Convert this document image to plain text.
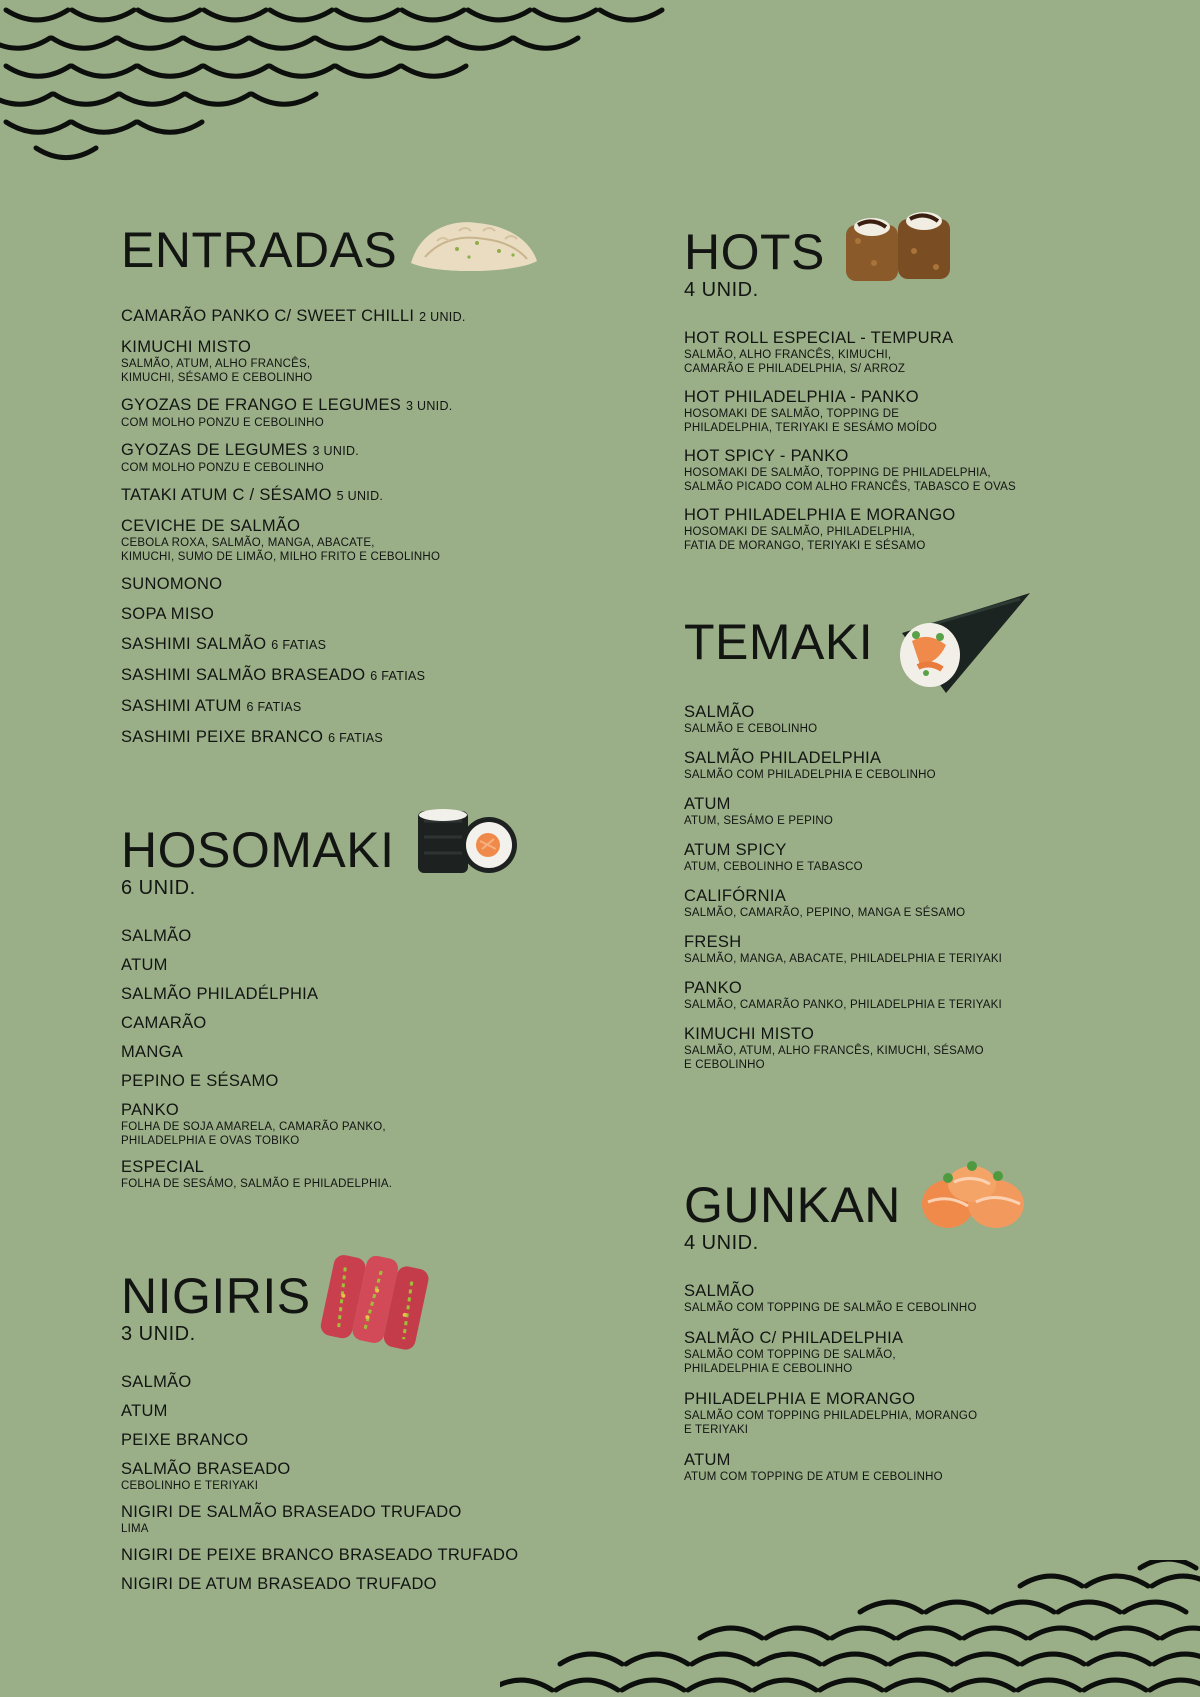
ENTRADAS
CAMARÃO PANKO C/ SWEET CHILLI 2 UNID.
KIMUCHI MISTO
SALMÃO, ATUM, ALHO FRANCÊS,
KIMUCHI, SÉSAMO E CEBOLINHO
GYOZAS DE FRANGO E LEGUMES 3 UNID.
COM MOLHO PONZU E CEBOLINHO
GYOZAS DE LEGUMES 3 UNID.
COM MOLHO PONZU E CEBOLINHO
TATAKI ATUM C / SÉSAMO 5 UNID.
CEVICHE DE SALMÃO
CEBOLA ROXA, SALMÃO, MANGA, ABACATE,
KIMUCHI, SUMO DE LIMÃO, MILHO FRITO E CEBOLINHO
SUNOMONO
SOPA MISO
SASHIMI SALMÃO 6 FATIAS
SASHIMI SALMÃO BRASEADO 6 FATIAS
SASHIMI ATUM 6 FATIAS
SASHIMI PEIXE BRANCO 6 FATIAS
HOSOMAKI
6 UNID.
SALMÃO
ATUM
SALMÃO PHILADÉLPHIA
CAMARÃO
MANGA
PEPINO E SÉSAMO
PANKO
FOLHA DE SOJA AMARELA, CAMARÃO PANKO,
PHILADELPHIA E OVAS TOBIKO
ESPECIAL
FOLHA DE SESÁMO, SALMÃO E PHILADELPHIA.
NIGIRIS
3 UNID.
SALMÃO
ATUM
PEIXE BRANCO
SALMÃO BRASEADO
CEBOLINHO E TERIYAKI
NIGIRI DE SALMÃO BRASEADO TRUFADO
LIMA
NIGIRI DE PEIXE BRANCO BRASEADO TRUFADO
NIGIRI DE ATUM BRASEADO TRUFADO
HOTS
4 UNID.
HOT ROLL ESPECIAL - TEMPURA
SALMÃO, ALHO FRANCÊS, KIMUCHI,
CAMARÃO E PHILADELPHIA, S/ ARROZ
HOT PHILADELPHIA - PANKO
HOSOMAKI DE SALMÃO, TOPPING DE
PHILADELPHIA, TERIYAKI E SESÁMO MOÍDO
HOT SPICY - PANKO
HOSOMAKI DE SALMÃO, TOPPING DE PHILADELPHIA,
SALMÃO PICADO COM ALHO FRANCÊS, TABASCO E OVAS
HOT PHILADELPHIA E MORANGO
HOSOMAKI DE SALMÃO, PHILADELPHIA,
FATIA DE MORANGO, TERIYAKI E SÉSAMO
TEMAKI
SALMÃO
SALMÃO E CEBOLINHO
SALMÃO PHILADELPHIA
SALMÃO COM PHILADELPHIA E CEBOLINHO
ATUM
ATUM, SESÁMO E PEPINO
ATUM SPICY
ATUM, CEBOLINHO E TABASCO
CALIFÓRNIA
SALMÃO, CAMARÃO, PEPINO, MANGA E SÉSAMO
FRESH
SALMÃO, MANGA, ABACATE, PHILADELPHIA E TERIYAKI
PANKO
SALMÃO, CAMARÃO PANKO, PHILADELPHIA E TERIYAKI
KIMUCHI MISTO
SALMÃO, ATUM, ALHO FRANCÊS, KIMUCHI, SÉSAMO
E CEBOLINHO
GUNKAN
4 UNID.
SALMÃO
SALMÃO COM TOPPING DE SALMÃO E CEBOLINHO
SALMÃO C/ PHILADELPHIA
SALMÃO COM TOPPING DE SALMÃO,
PHILADELPHIA E CEBOLINHO
PHILADELPHIA E MORANGO
SALMÃO COM TOPPING PHILADELPHIA, MORANGO
E TERIYAKI
ATUM
ATUM COM TOPPING DE ATUM E CEBOLINHO
